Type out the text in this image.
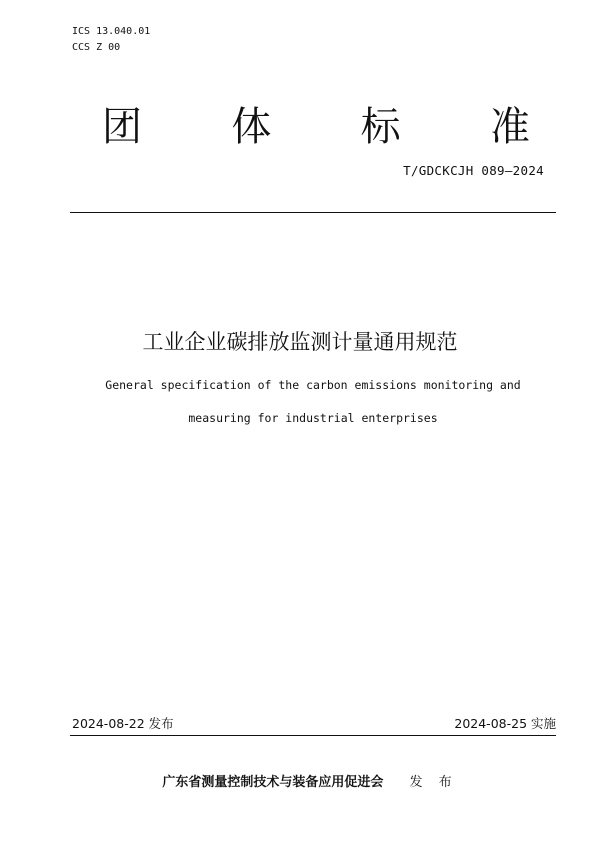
ICS 13.040.01
CCS Z 00
团 体 标 准
T/GDCKCJH 089—2024
工业企业碳排放监测计量通用规范
General specification of the carbon emissions monitoring and
measuring for industrial enterprises
2024-08-22 发布	2024-08-25 实施
广东省测量控制技术与装备应用促进会 发 布
